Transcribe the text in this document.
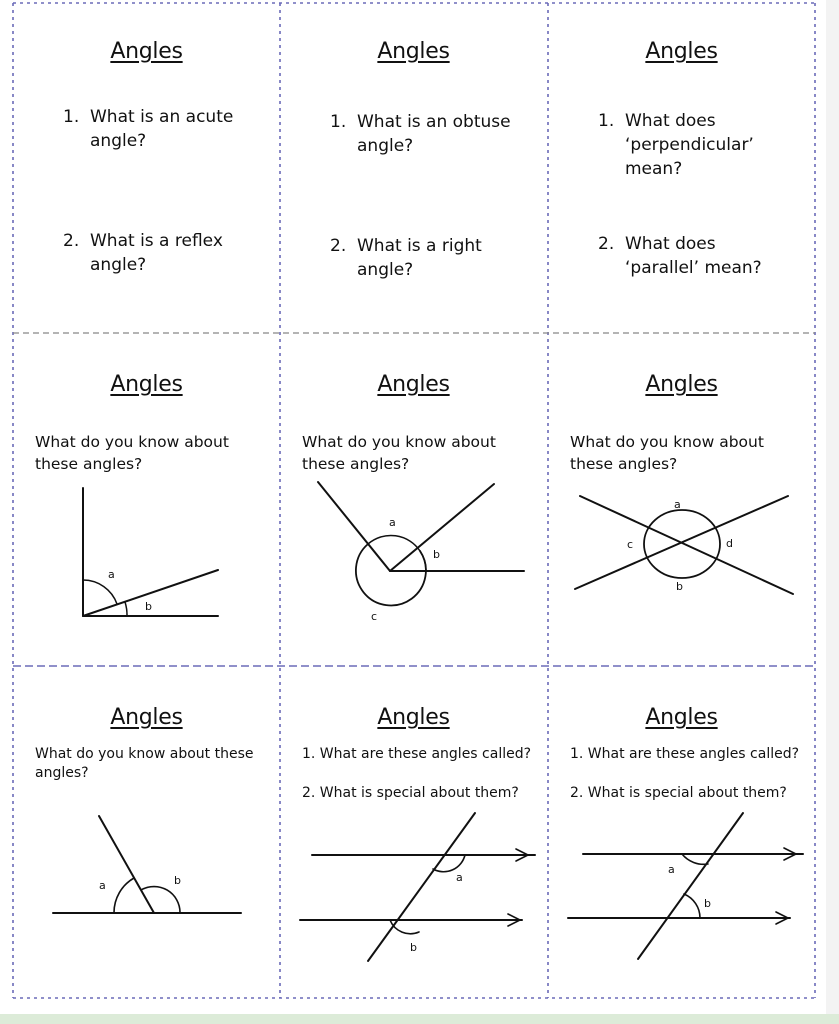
Angles
1. What is an acute angle?
2. What is a reflex angle?
Angles
1. What is an obtuse angle?
2. What is a right angle?
Angles
1. What does ‘perpendicular’ mean?
2. What does ‘parallel’ mean?
Angles
What do you know about these angles?
a
b
Angles
What do you know about these angles?
a
b
c
Angles
What do you know about these angles?
a
b
c	d
Angles
What do you know about these angles?
a	b
Angles
1. What are these angles called?
2. What is special about them?
a
b
Angles
1. What are these angles called?
2. What is special about them?
a
b
